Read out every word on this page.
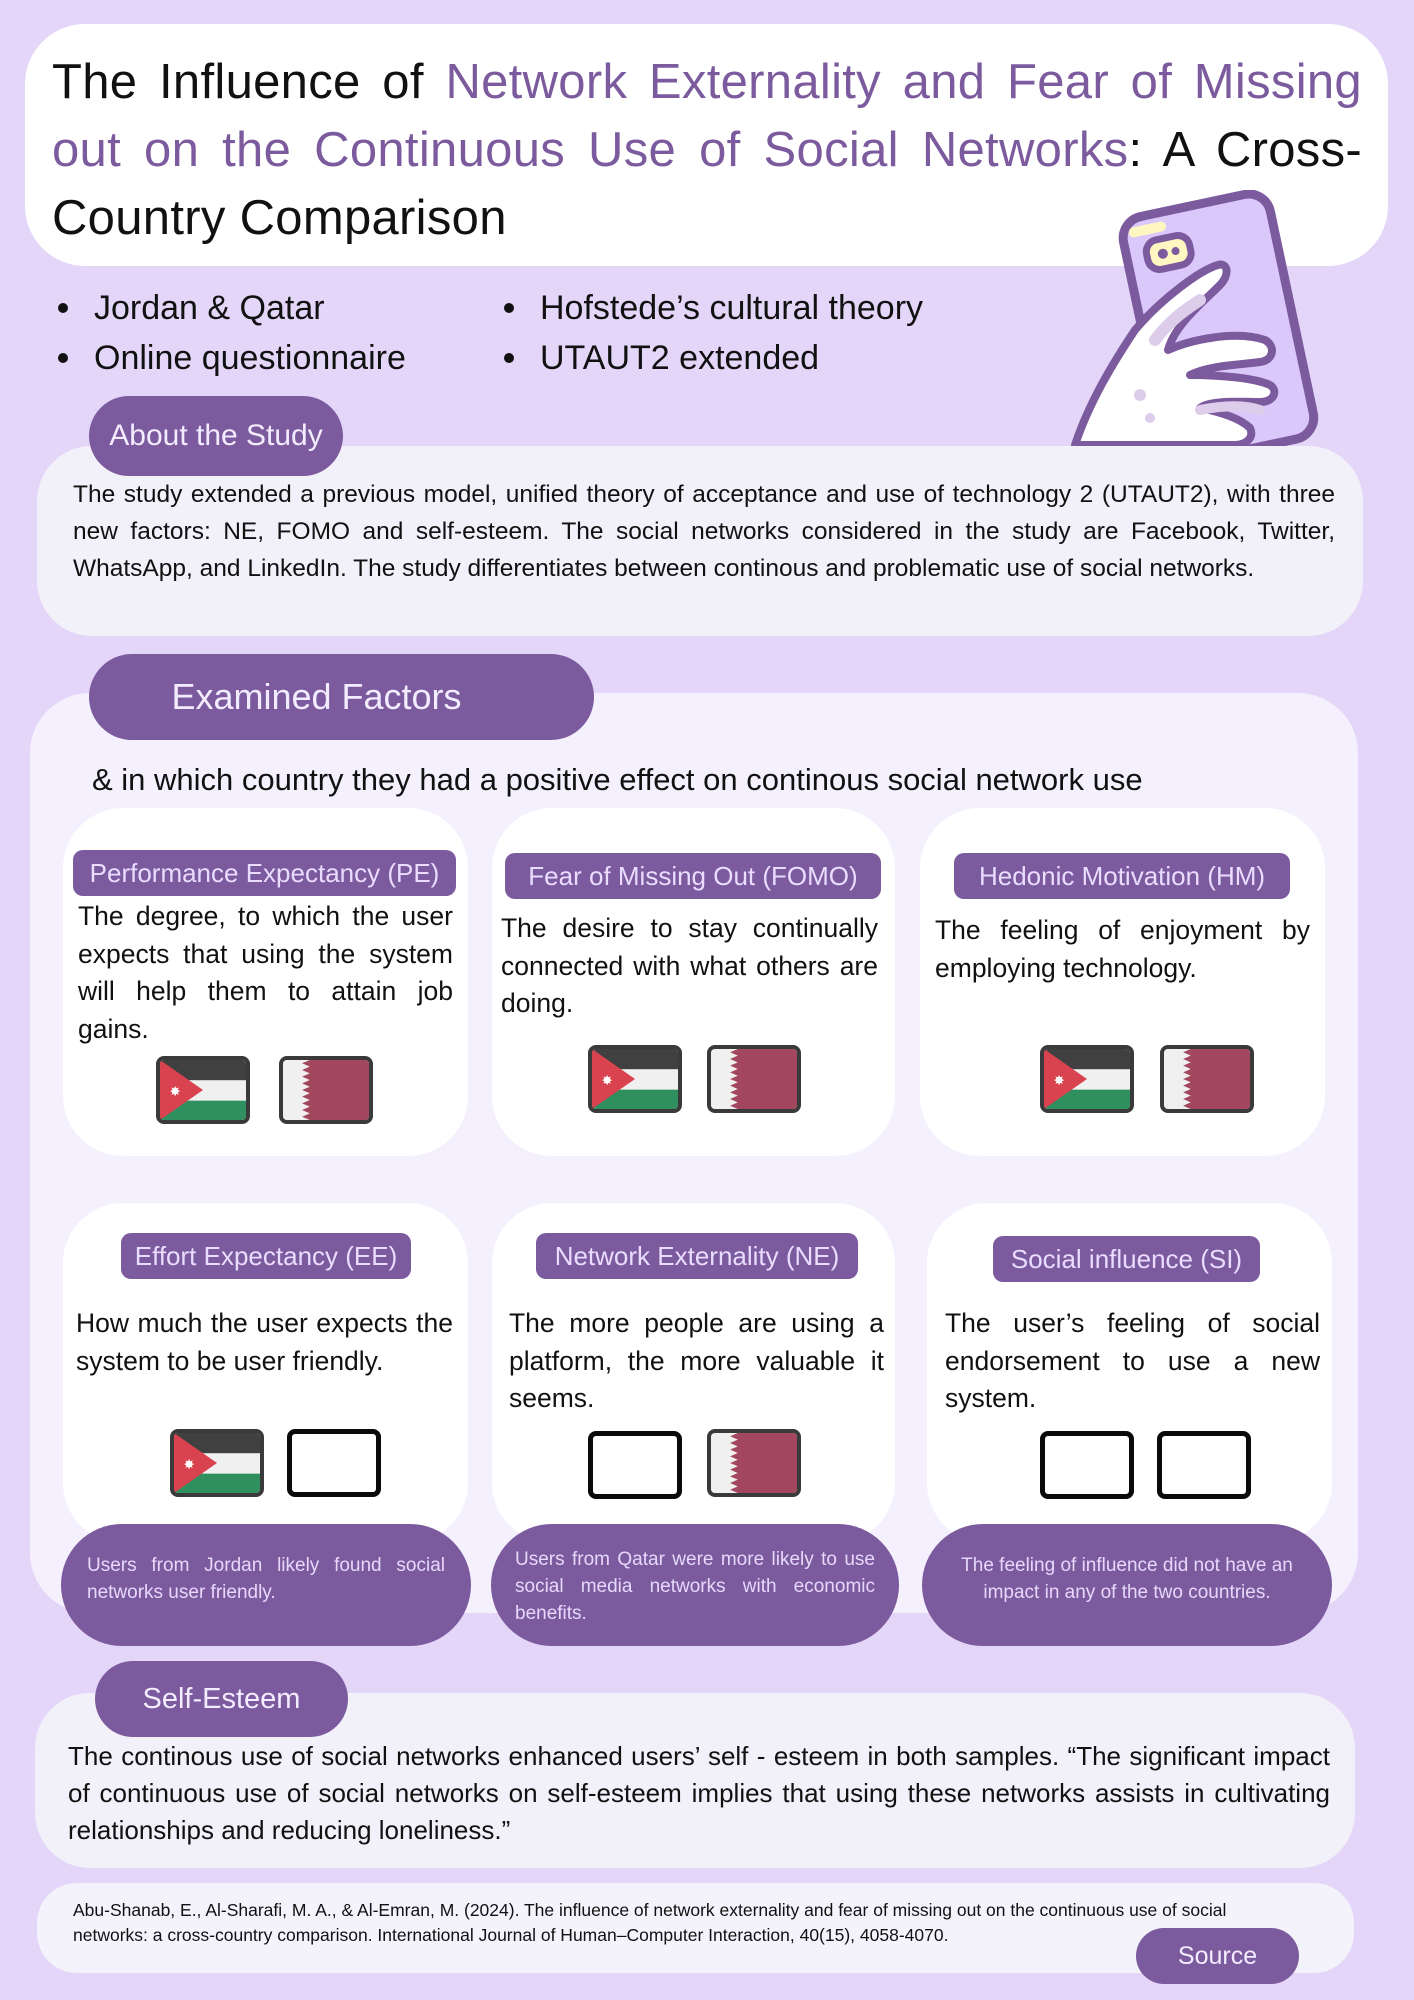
The Influence of Network Externality and Fear of Missing out on the Continuous Use of Social Networks: A Cross-Country Comparison
Jordan & Qatar
Online questionnaire
Hofstede’s cultural theory
UTAUT2 extended
About the Study
The study extended a previous model, unified theory of acceptance and use of technology 2 (UTAUT2), with three new factors: NE, FOMO and self-esteem. The social networks considered in the study are Facebook, Twitter, WhatsApp, and LinkedIn. The study differentiates between continous and problematic use of social networks.
Examined Factors
& in which country they had a positive effect on continous social network use
Performance Expectancy (PE)
The degree, to which the user expects that using the system will help them to attain job gains.
✸
Fear of Missing Out (FOMO)
The desire to stay continually connected with what others are doing.
✸
Hedonic Motivation (HM)
The feeling of enjoyment by employing technology.
✸
Effort Expectancy (EE)
How much the user expects the system to be user friendly.
✸
Network Externality (NE)
The more people are using a platform, the more valuable it seems.
Social influence (SI)
The user’s feeling of social endorsement to use a new system.
Users from Jordan likely found social networks user friendly.
Users from Qatar were more likely to use social media networks with economic benefits.
The feeling of influence did not have an impact in any of the two countries.
Self-Esteem
The continous use of social networks enhanced users’ self - esteem in both samples. “The significant impact of continuous use of social networks on self-esteem implies that using these networks assists in cultivating relationships and reducing loneliness.”
Abu-Shanab, E., Al-Sharafi, M. A., & Al-Emran, M. (2024). The influence of network externality and fear of missing out on the continuous use of social networks: a cross-country comparison. International Journal of Human–Computer Interaction, 40(15), 4058-4070.
Source
